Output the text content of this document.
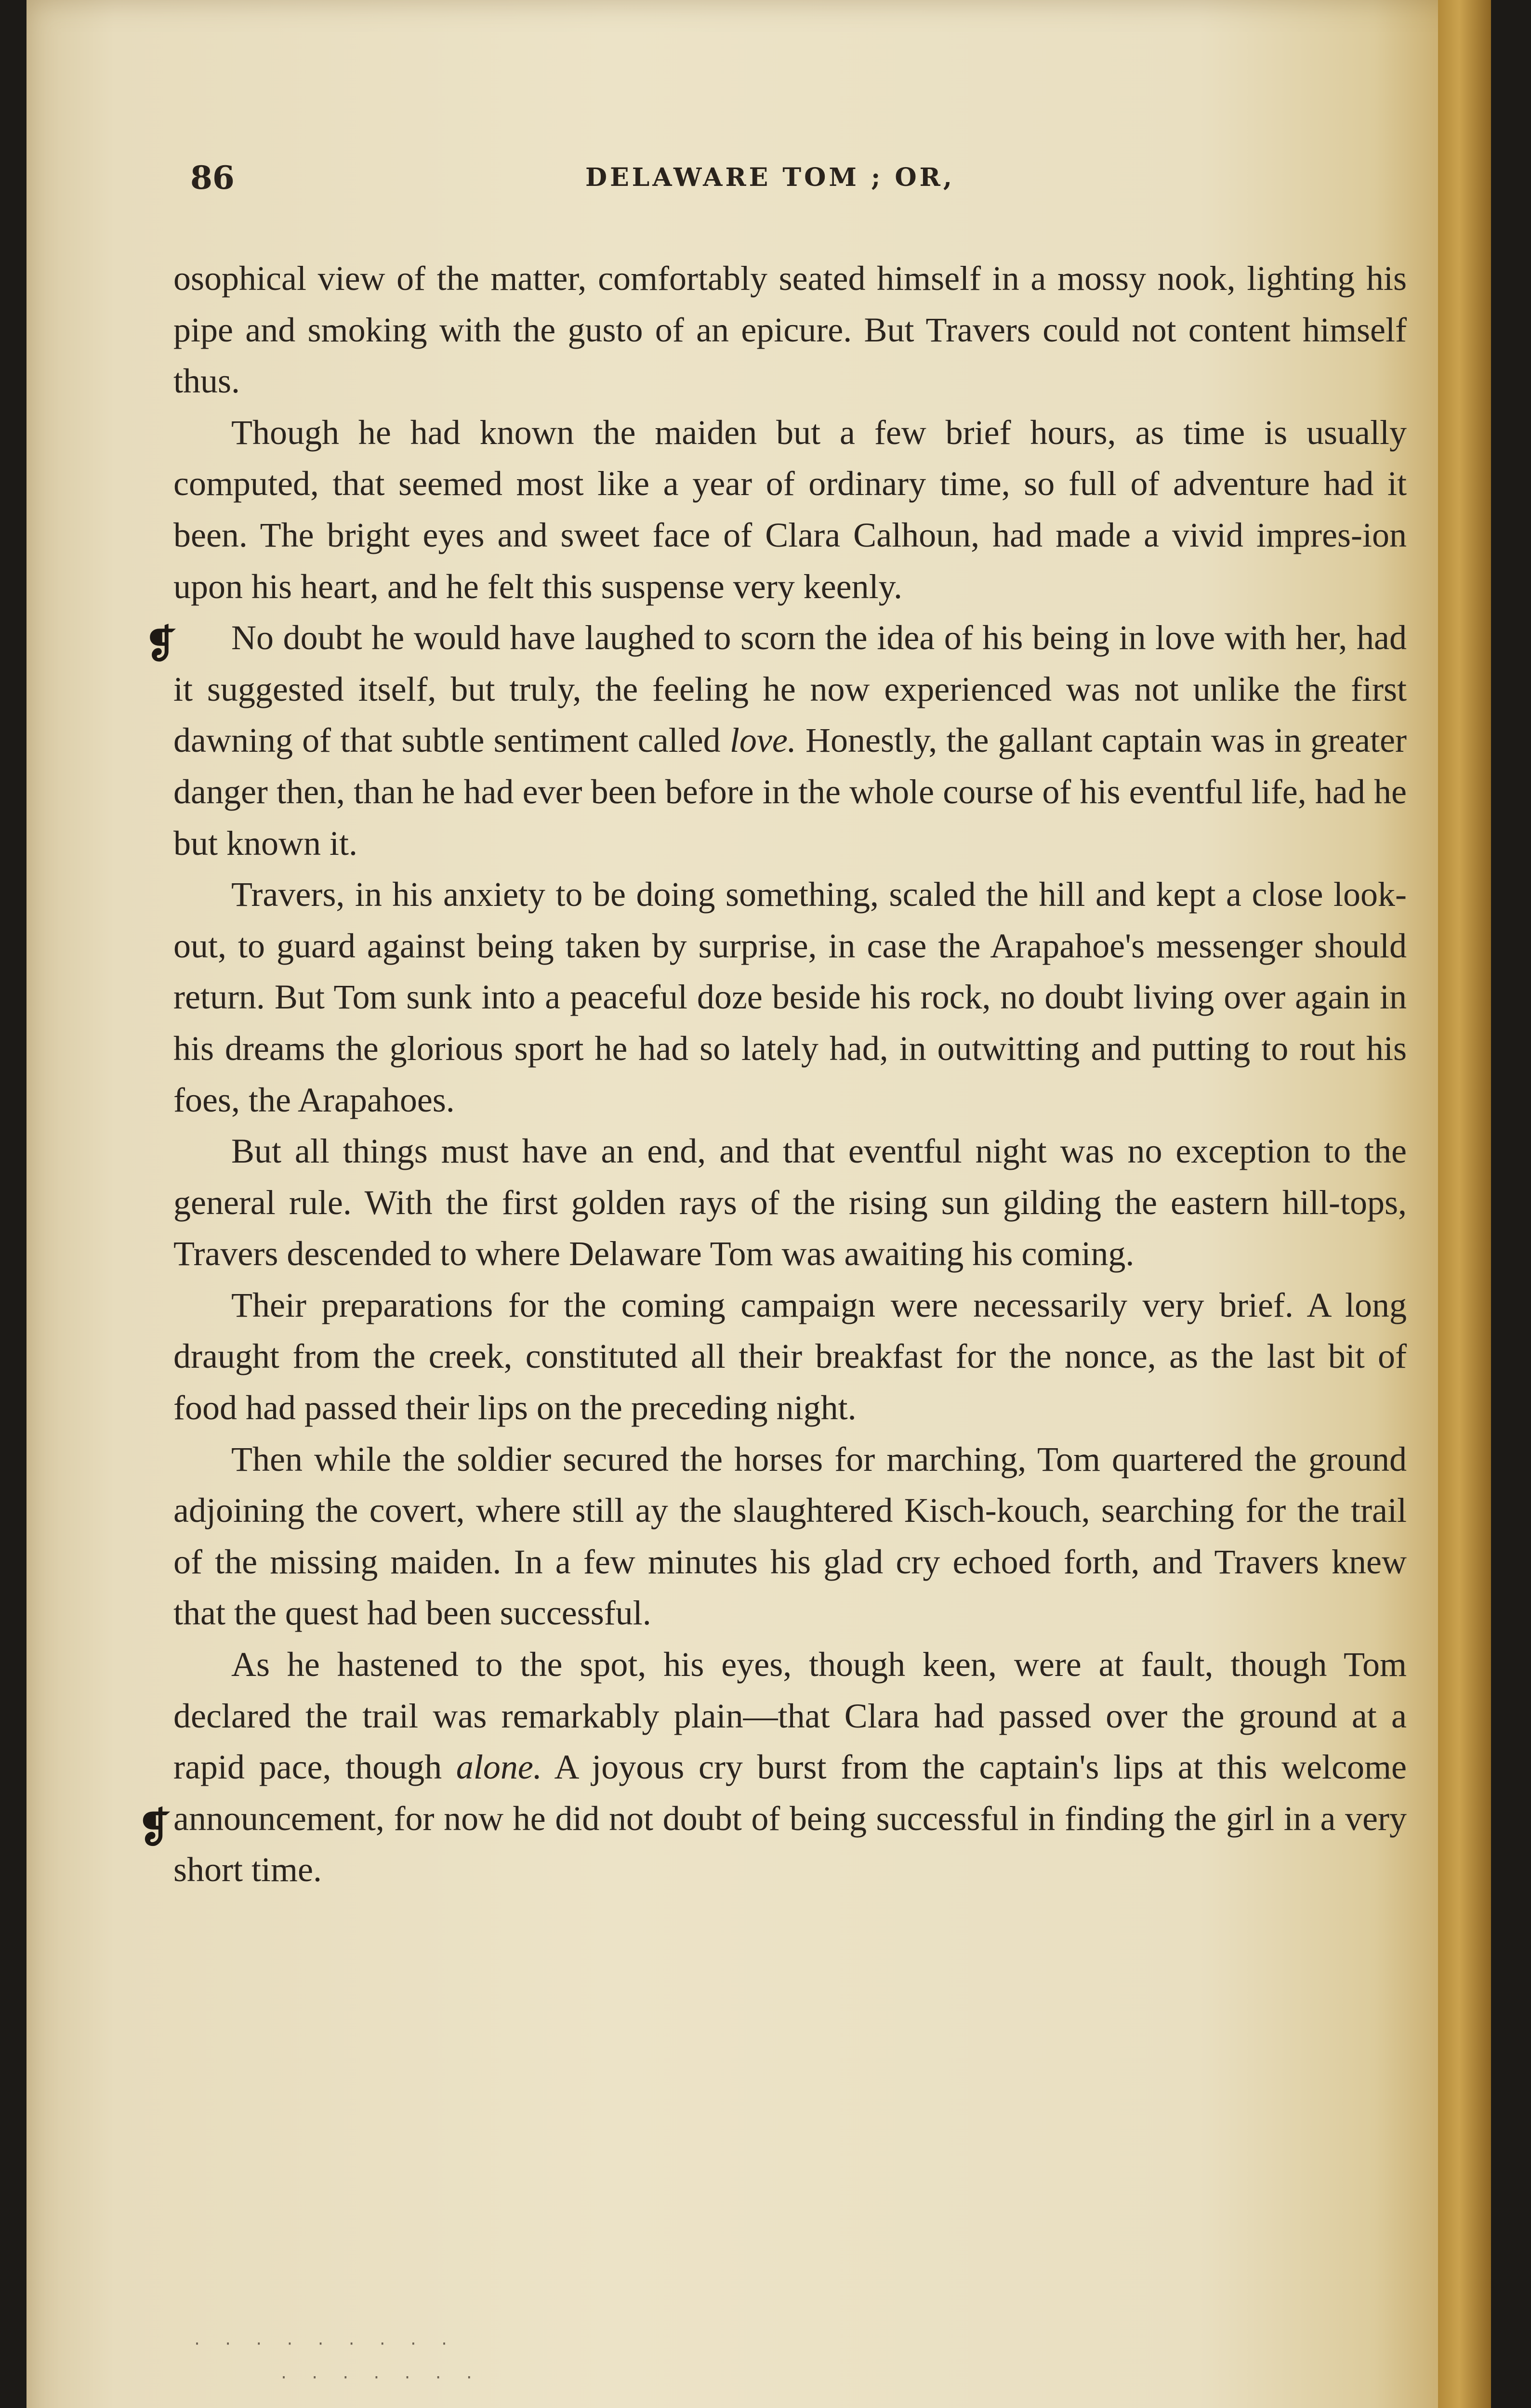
86	DELAWARE TOM ; OR,
❡
❡

osophical view of the matter, comfortably seated himself in a mossy nook, lighting his pipe and smoking with the gusto of an epicure. But Travers could not content himself thus.

Though he had known the maiden but a few brief hours, as time is usually computed, that seemed most like a year of ordinary time, so full of adventure had it been. The bright eyes and sweet face of Clara Calhoun, had made a vivid impres-ion upon his heart, and he felt this suspense very keenly.

No doubt he would have laughed to scorn the idea of his being in love with her, had it suggested itself, but truly, the feeling he now experienced was not unlike the first dawning of that subtle sentiment called love. Honestly, the gallant captain was in greater danger then, than he had ever been before in the whole course of his eventful life, had he but known it.

Travers, in his anxiety to be doing something, scaled the hill and kept a close look-out, to guard against being taken by surprise, in case the Arapahoe's messenger should return. But Tom sunk into a peaceful doze beside his rock, no doubt living over again in his dreams the glorious sport he had so lately had, in outwitting and putting to rout his foes, the Arapahoes.

But all things must have an end, and that eventful night was no exception to the general rule. With the first golden rays of the rising sun gilding the eastern hill-tops, Travers descended to where Delaware Tom was awaiting his coming.

Their preparations for the coming campaign were necessarily very brief. A long draught from the creek, constituted all their breakfast for the nonce, as the last bit of food had passed their lips on the preceding night.

Then while the soldier secured the horses for marching, Tom quartered the ground adjoining the covert, where still ay the slaughtered Kisch-kouch, searching for the trail of the missing maiden. In a few minutes his glad cry echoed forth, and Travers knew that the quest had been successful.

As he hastened to the spot, his eyes, though keen, were at fault, though Tom declared the trail was remarkably plain—that Clara had passed over the ground at a rapid pace, though alone. A joyous cry burst from the captain's lips at this welcome announcement, for now he did not doubt of being successful in finding the girl in a very short time.

· · · · · · · · ·
· · · · · · ·
